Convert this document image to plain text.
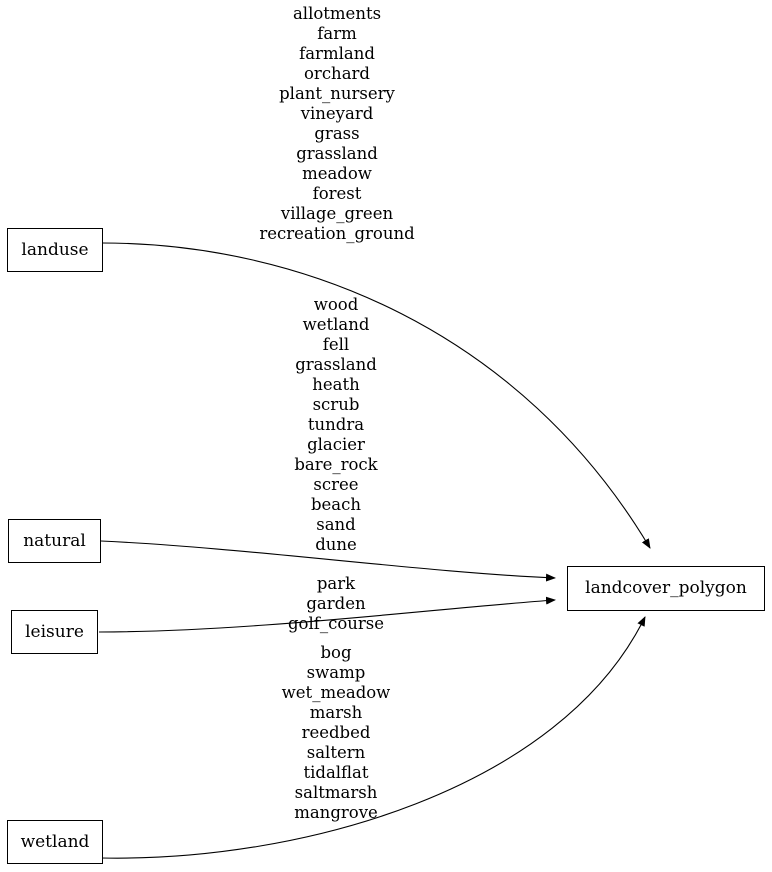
landuse
natural
leisure
wetland
landcover_polygon
allotments
farm
farmland
orchard
plant_nursery
vineyard
grass
grassland
meadow
forest
village_green
recreation_ground
wood
wetland
fell
grassland
heath
scrub
tundra
glacier
bare_rock
scree
beach
sand
dune
park
garden
golf_course
bog
swamp
wet_meadow
marsh
reedbed
saltern
tidalflat
saltmarsh
mangrove
